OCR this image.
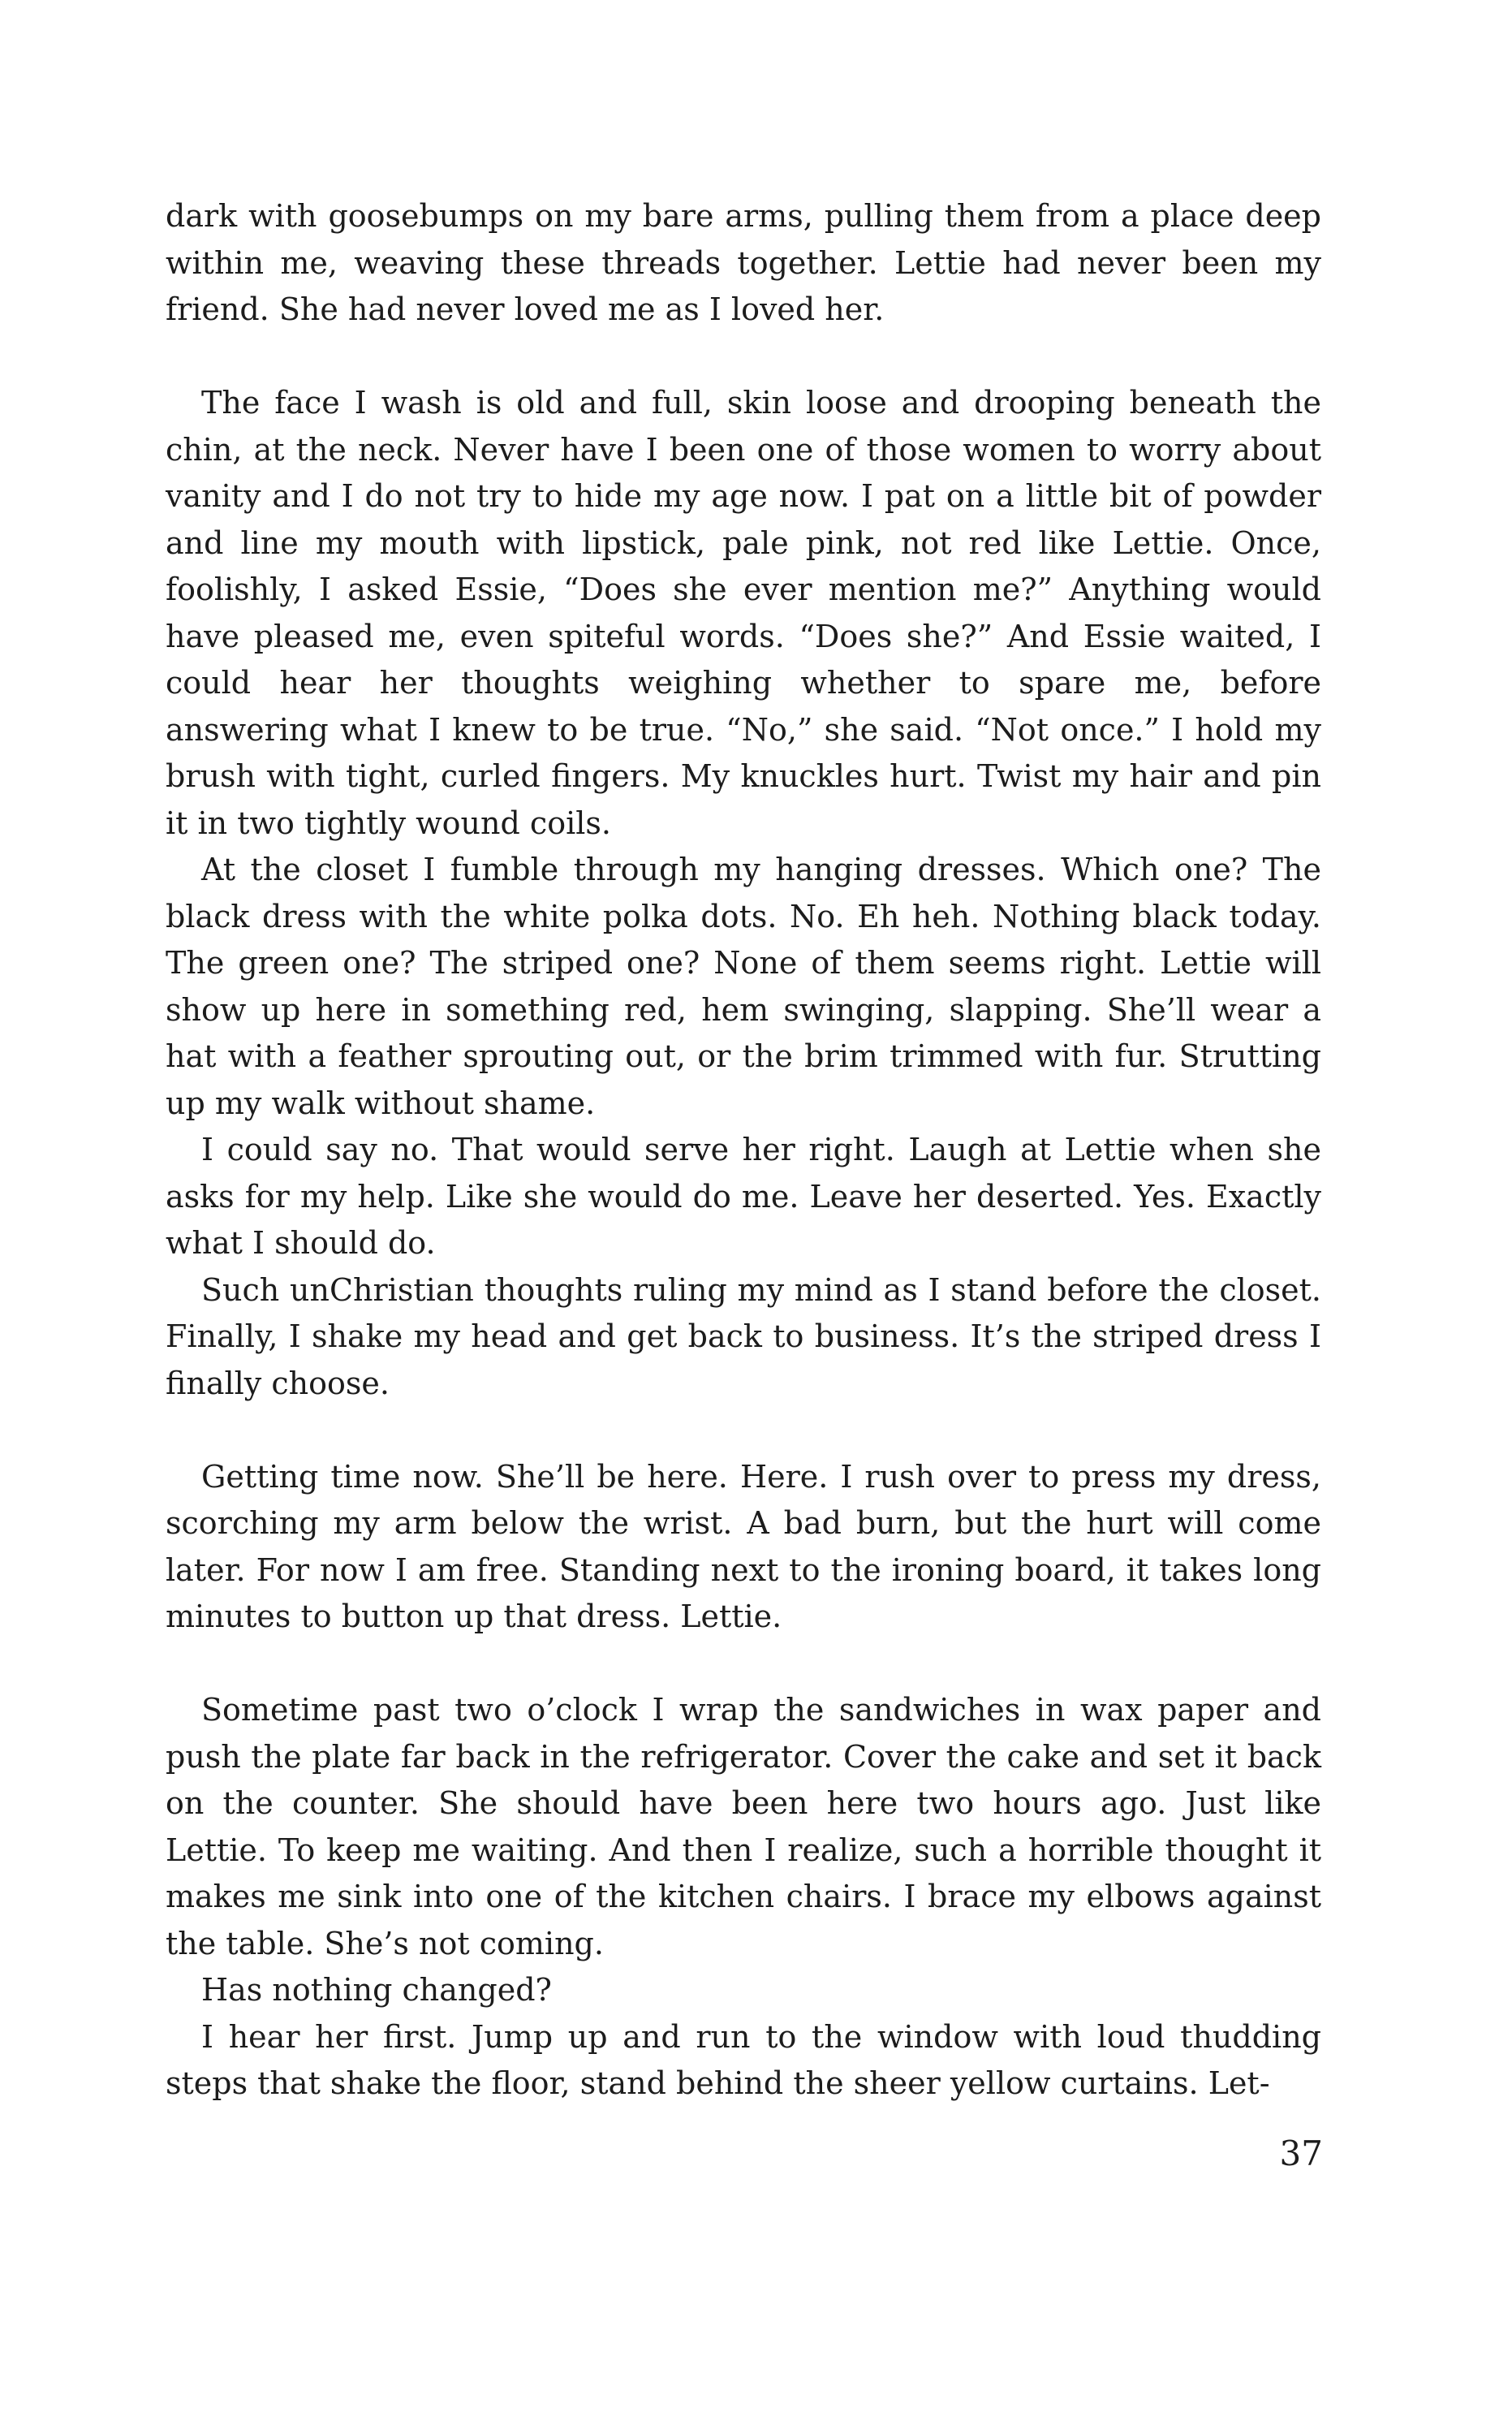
dark with goosebumps on my bare arms, pulling them from a place deep within me, weaving these threads together. Lettie had never been my friend. She had never loved me as I loved her.

The face I wash is old and full, skin loose and drooping beneath the chin, at the neck. Never have I been one of those women to worry about vanity and I do not try to hide my age now. I pat on a little bit of powder and line my mouth with lipstick, pale pink, not red like Lettie. Once, foolishly, I asked Essie, “Does she ever mention me?” Anything would have pleased me, even spiteful words. “Does she?” And Essie waited, I could hear her thoughts weighing whether to spare me, before answering what I knew to be true. “No,” she said. “Not once.” I hold my brush with tight, curled fingers. My knuckles hurt. Twist my hair and pin it in two tightly wound coils.

At the closet I fumble through my hanging dresses. Which one? The black dress with the white polka dots. No. Eh heh. Nothing black today. The green one? The striped one? None of them seems right. Lettie will show up here in something red, hem swinging, slapping. She’ll wear a hat with a feather sprouting out, or the brim trimmed with fur. Strutting up my walk without shame.

I could say no. That would serve her right. Laugh at Lettie when she asks for my help. Like she would do me. Leave her deserted. Yes. Exactly what I should do.

Such unChristian thoughts ruling my mind as I stand before the closet. Finally, I shake my head and get back to business. It’s the striped dress I finally choose.

Getting time now. She’ll be here. Here. I rush over to press my dress, scorching my arm below the wrist. A bad burn, but the hurt will come later. For now I am free. Standing next to the ironing board, it takes long minutes to button up that dress. Lettie.

Sometime past two o’clock I wrap the sandwiches in wax paper and push the plate far back in the refrigerator. Cover the cake and set it back on the counter. She should have been here two hours ago. Just like Lettie. To keep me waiting. And then I realize, such a horrible thought it makes me sink into one of the kitchen chairs. I brace my elbows against the table. She’s not coming.

Has nothing changed?

I hear her first. Jump up and run to the window with loud thudding steps that shake the floor, stand behind the sheer yellow curtains. Let-

37
